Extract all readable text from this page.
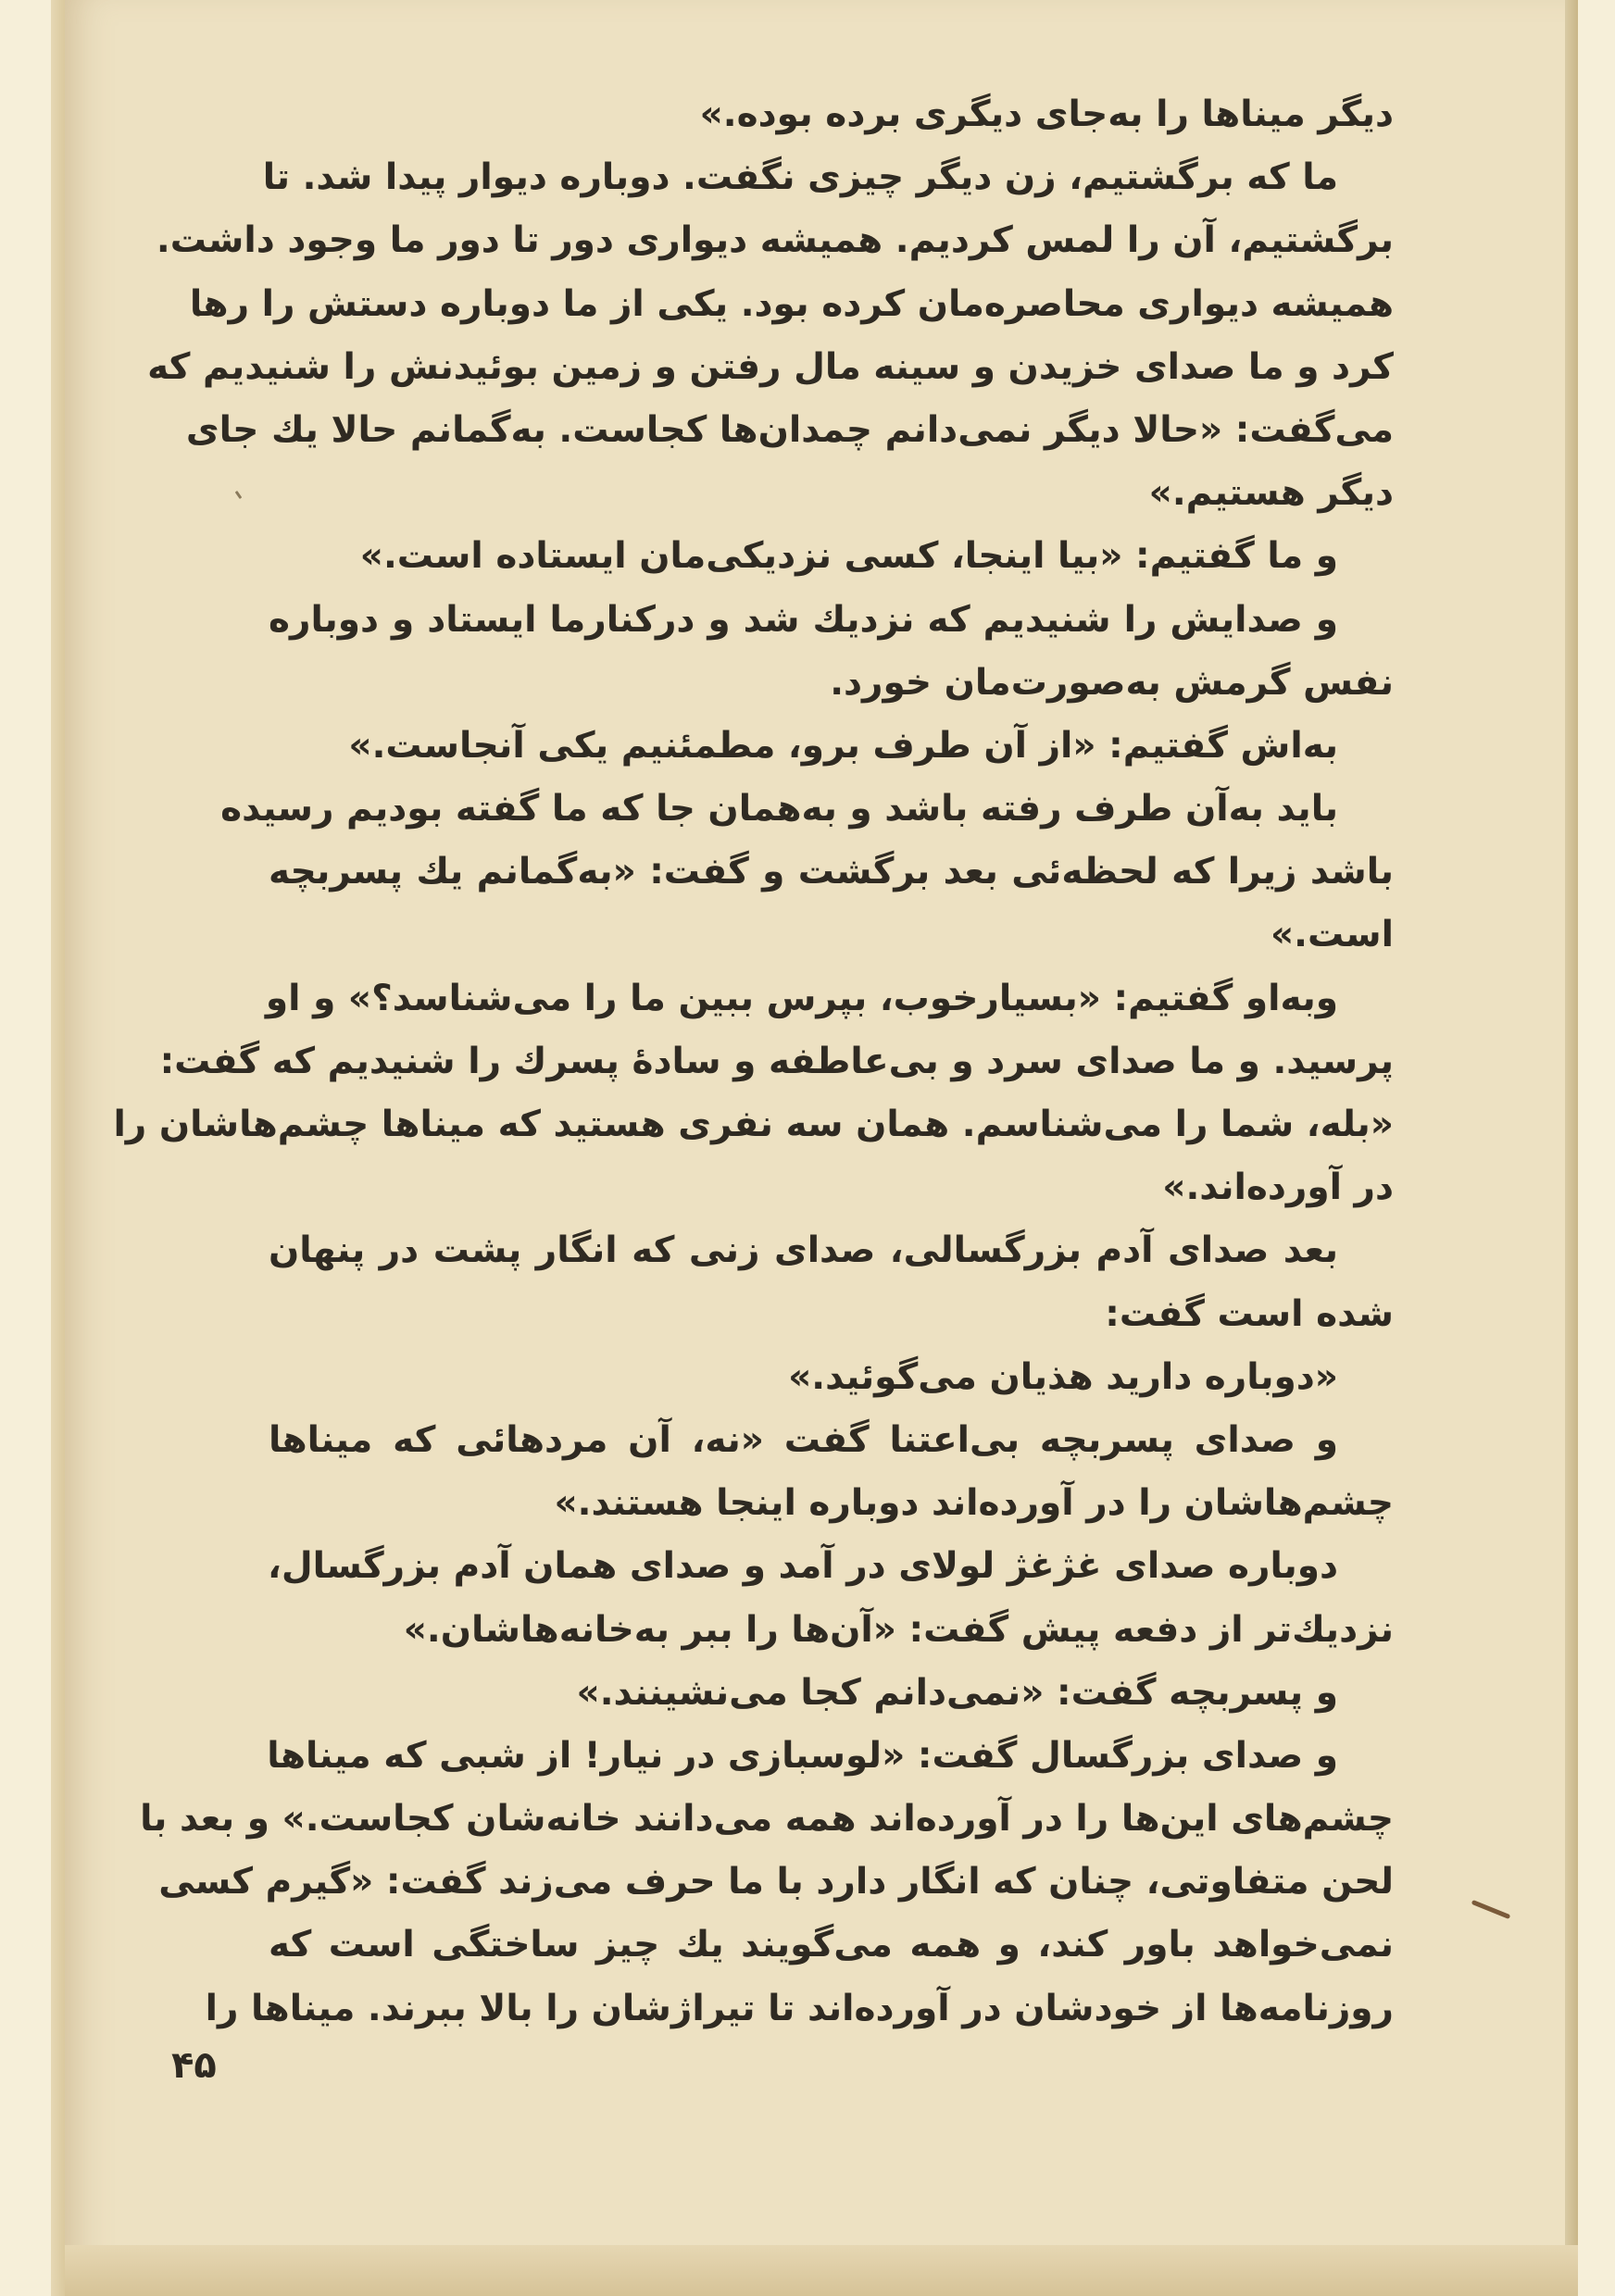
دیگر میناها را به‌جای دیگری برده بوده.»
ما که برگشتیم، زن دیگر چیزی نگفت. دوباره دیوار پیدا شد. تا
برگشتیم، آن را لمس کردیم. همیشه دیواری دور تا دور ما وجود داشت.
همیشه دیواری محاصره‌مان کرده بود. یکی از ما دوباره دستش را رها
کرد و ما صدای خزیدن و سینه مال رفتن و زمین بوئیدنش را شنیدیم که
می‌گفت: «حالا دیگر نمی‌دانم چمدان‌ها کجاست. به‌گمانم حالا یك جای
دیگر هستیم.»
و ما گفتیم: «بیا اینجا، کسی نزدیکی‌مان ایستاده است.»
و صدایش را شنیدیم که نزدیك شد و درکنارما ایستاد و دوباره
نفس گرمش به‌صورت‌مان خورد.
به‌اش گفتیم: «از آن طرف برو، مطمئنیم یکی آنجاست.»
باید به‌آن طرف رفته باشد و به‌همان جا که ما گفته بودیم رسیده
باشد زیرا که لحظه‌ئی بعد برگشت و گفت: «به‌گمانم یك پسربچه
است.»
وبه‌او گفتیم: «بسیارخوب، بپرس ببین ما را می‌شناسد؟» و او
پرسید. و ما صدای سرد و بی‌عاطفه و سادهٔ پسرك را شنیدیم که گفت:
«بله، شما را می‌شناسم. همان سه نفری هستید که میناها چشم‌هاشان را
در آورده‌اند.»
بعد صدای آدم بزرگسالی، صدای زنی که انگار پشت در پنهان
شده است گفت:
«دوباره دارید هذیان می‌گوئید.»
و صدای پسربچه بی‌اعتنا گفت «نه، آن مردهائی که میناها
چشم‌هاشان را در آورده‌اند دوباره اینجا هستند.»
دوباره صدای غژغژ لولای در آمد و صدای همان آدم بزرگسال،
نزدیك‌تر از دفعه پیش گفت: «آن‌ها را ببر به‌خانه‌هاشان.»
و پسربچه گفت: «نمی‌دانم کجا می‌نشینند.»
و صدای بزرگسال گفت: «لوسبازی در نیار! از شبی که میناها
چشم‌های این‌ها را در آورده‌اند همه می‌دانند خانه‌شان کجاست.» و بعد با
لحن متفاوتی، چنان که انگار دارد با ما حرف می‌زند گفت: «گیرم کسی
نمی‌خواهد باور کند، و همه می‌گویند یك چیز ساختگی است که
روزنامه‌ها از خودشان در آورده‌اند تا تیراژشان را بالا ببرند. میناها را
۴۵
